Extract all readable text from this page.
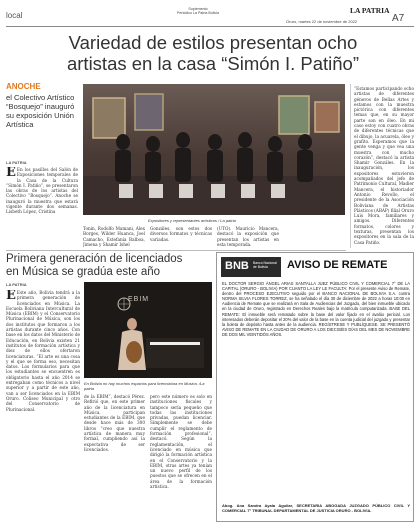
local
Suplemento
Periódico La Patria Bolivia
Oruro, martes 22 de noviembre de 2022
LA PATRIA
A7
Variedad de estilos presentan ocho
artistas en la casa “Simón I. Patiño”
ANOCHE
el Colectivo Artístico “Bosquejo” inauguró su exposición Unión Artística
LA PATRIA
E En los pasillos del Salón de Exposiciones temporales de la Casa de la Cultura “Simón I. Patiño”, se presentaron las obras de los artistas del Colectivo “Bosquejo”. Anoche se inauguró la muestra que estará vigente durante dos semanas. Lisbeth López, Cristina
Expositores y representantes artísticos / La patria
Tonin, Rodolfo Mamani, Alex Borges, Wilder Huanca, Joel Camacho, Estefanía Balboa, Jimena y Shamir Ishel
Gonzáles, son estos dos diversos formatos y técnicas variadas.
(UTO). Mauricio Mancera, destacó la exposición que presentan los artistas en esta temporada.
“Estamos participando ocho artistas de diferentes géneros de Bellas Artes y estamos con la muestra pictórica con diferentes temas que, en su mayor parte son en óleo. En mi caso estoy con cuatro obras de diferentes técnicas que el dibujo, la acuarela, óleo y grafito. Esperamos que la gente venga y que vea una muestra con mucho corazón”, destacó la artista Shamir Gonzáles. En la inauguración, los expositores estuvieron acompañados del jefe de Patrimonio Cultural, Madier Mancera, el historiador Antonio Revollo, el presidente de la Asociación Boliviana de Artistas Plásticos (ABAP) filial Oruro Luis Mora, familiares y amigos. Diferentes formatos, colores y texturas, presentan los expositores en la sala de la Casa Patiño.
Primera generación de licenciados
en Música se gradúa este año
LA PATRIA
E Este año, Bolivia tendrá a la primera generación de licenciados en Música. La Escuela Boliviana Intercultural de Música (EBIM) y el Conservatorio Plurinacional de Música, son los dos institutos que formaron a los artistas durante cinco años. Con base en los datos del Ministerio de Educación, en Bolivia existen 21 institutos de formación artística y diez de ellos ofertaron licenciaturas. “El arte es una cosa y el que se forma eso, necesitan datos. Los formularios para que los estudiantes se encuentren es obligatorio hasta el año 2014 se entregaban como técnicos a nivel superior y a partir de este año, van a ser licenciados en la EBIM Oruro. Coliseo Municipal y otro del Conservatorio de Plurinacional.
EBIM
En Bolivia no hay muchos espacios para licenciatura en Música. /La patria
de la EBIM”, destacó Pérez. Refirió que, en este primer año de la licenciatura en Música, participan estudiantes de la EBIM, que desde hace más de 300 libros “creo que nuestra artística de manera muy formal, cumpliendo así la expectativa de ser licenciados.
pero este número es solo en instituciones fiscales y tampoco sería pequeño que todas las instituciones privadas, puedan licenciar. Simplemente se debe cumplir el reglamento de formación profesional”, destacó. Según la reglamentación, el licenciado en música que dirigió la formación artística en el Conservatorio y la EBIM, otras artes ya tenían un nuevo perfil de los puestos que se ofrecen en el área de la formación artística.
BNB Banco Nacional de Bolivia	AVISO DE REMATE
EL DOCTOR SERGIO ÁNGEL ARIAS SANTALLA JUEZ PÚBLICO CIVIL Y COMERCIAL 7° DE LA CAPITAL (ORURO - BOLIVIA) POR CUANTO LA LEY LE FACULTA: Por el presente Aviso de Remate, dentro del PROCESO EJECUTIVO seguido por el BANCO NACIONAL DE BOLIVIA S.A. contra NORMA SILVIA FLORES TORREZ, se ha señalado el día 30 de diciembre de 2022 a horas 10:00 en Audiencia de Remate que se realizará en Sala de Audiencias del Juzgado, del bien inmueble ubicado en la ciudad de Oruro, registrado en Derechos Reales bajo la matrícula computarizada. BASE DEL REMATE: El inmueble será rematado sobre la base del valor fijado en el avalúo pericial. Los interesados deberán depositar el 20% del valor de la base en la cuenta judicial del juzgado y presentar la boleta de depósito hasta antes de la audiencia. REGÍSTRESE Y PUBLÍQUESE. SE PRESENTÓ AVISO DE REMATE EN LA CIUDAD DE ORURO A LOS DIECISÉIS DÍAS DEL MES DE NOVIEMBRE DE DOS MIL VEINTIDÓS AÑOS.
Abog. Ana Sandra Ayala Aguilar, SECRETARIA ABOGADA JUZGADO PÚBLICO CIVIL Y COMERCIAL 7° TRIBUNAL DEPARTAMENTAL DE JUSTICIA ORURO - BOLIVIA.
